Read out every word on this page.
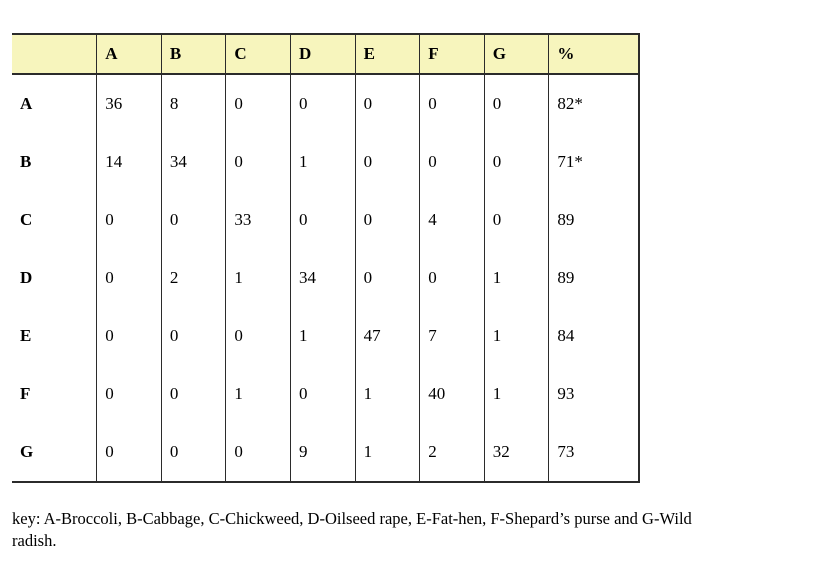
	A	B	C	D	E	F	G	%
A	36	8	0	0	0	0	0	82*
B	14	34	0	1	0	0	0	71*
C	0	0	33	0	0	4	0	89
D	0	2	1	34	0	0	1	89
E	0	0	0	1	47	7	1	84
F	0	0	1	0	1	40	1	93
G	0	0	0	9	1	2	32	73
key: A-Broccoli, B-Cabbage, C-Chickweed, D-Oilseed rape, E-Fat-hen, F-Shepard’s purse and G-Wild radish.
